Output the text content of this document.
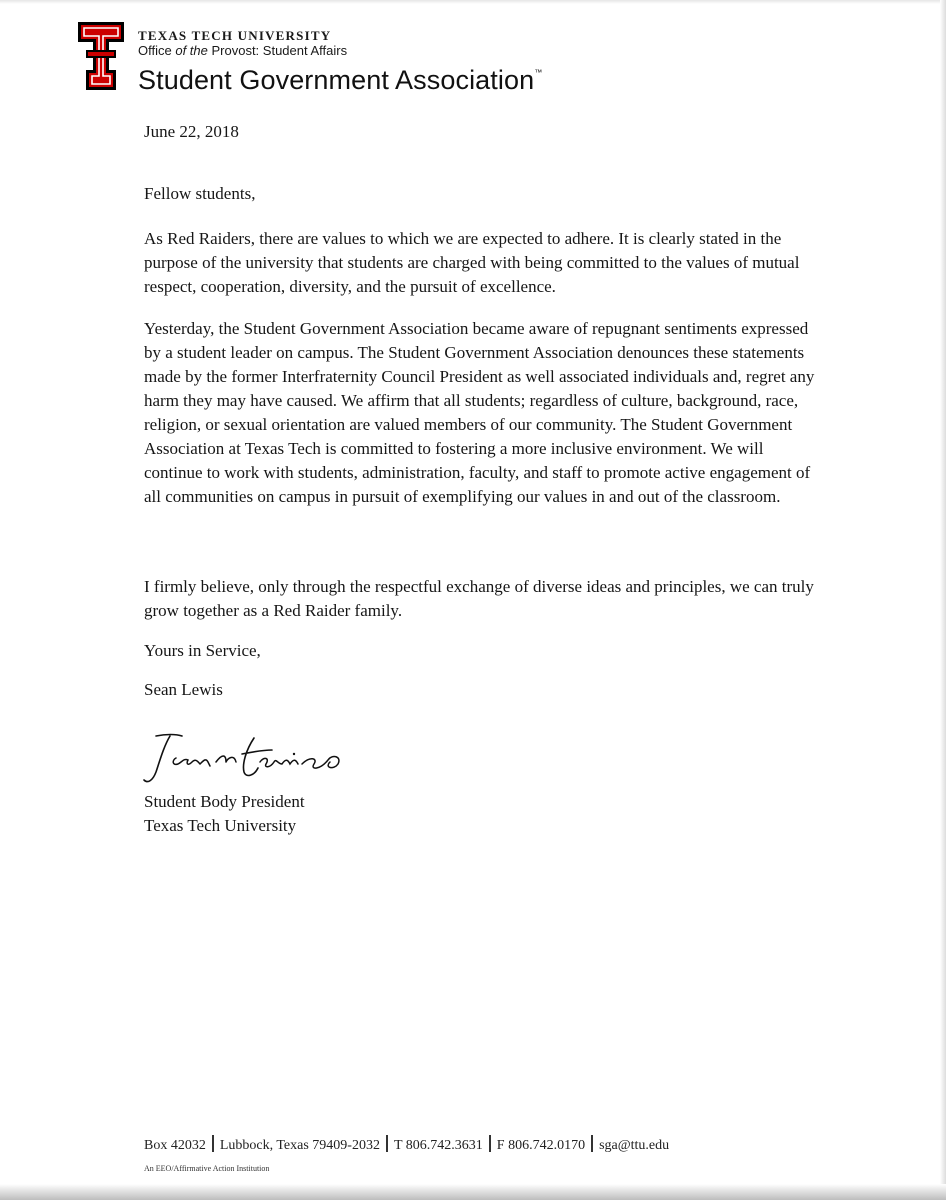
TEXAS TECH UNIVERSITY
Office of the Provost: Student Affairs
Student Government Association™

June 22, 2018

Fellow students,

As Red Raiders, there are values to which we are expected to adhere. It is clearly stated in the purpose of the university that students are charged with being committed to the values of mutual respect, cooperation, diversity, and the pursuit of excellence.

Yesterday, the Student Government Association became aware of repugnant sentiments expressed by a student leader on campus. The Student Government Association denounces these statements made by the former Interfraternity Council President as well associated individuals and, regret any harm they may have caused. We affirm that all students; regardless of culture, background, race, religion, or sexual orientation are valued members of our community. The Student Government Association at Texas Tech is committed to fostering a more inclusive environment. We will continue to work with students, administration, faculty, and staff to promote active engagement of all communities on campus in pursuit of exemplifying our values in and out of the classroom.

I firmly believe, only through the respectful exchange of diverse ideas and principles, we can truly grow together as a Red Raider family.

Yours in Service,

Sean Lewis

Student Body President

Texas Tech University

Box 42032 Lubbock, Texas 79409-2032 T 806.742.3631 F 806.742.0170 sga@ttu.edu
An EEO/Affirmative Action Institution
